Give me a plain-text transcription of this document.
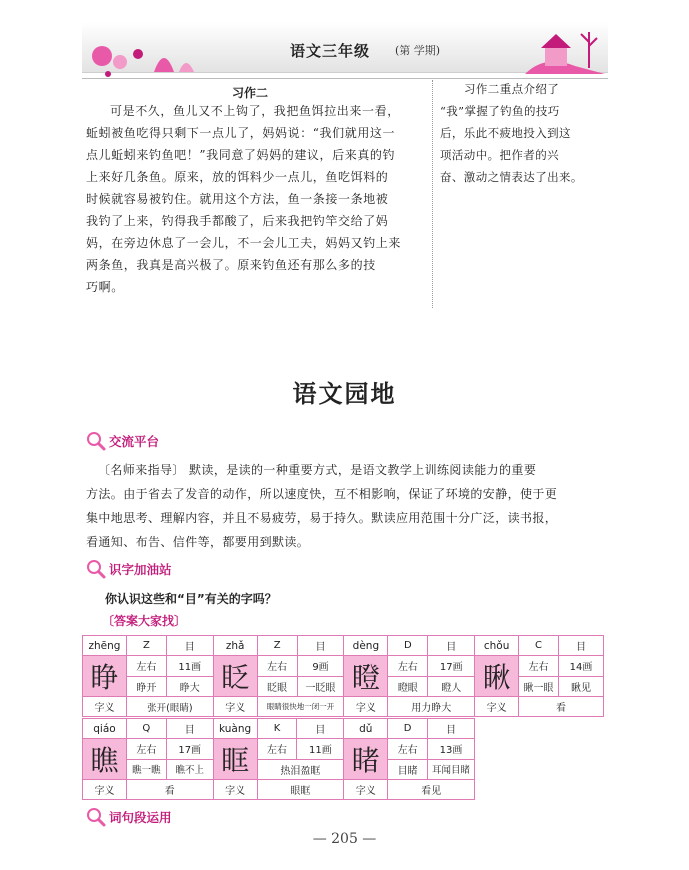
语文三年级 (第 学期)
习作二
可是不久，鱼儿又不上钩了，我把鱼饵拉出来一看，
蚯蚓被鱼吃得只剩下一点儿了，妈妈说：“我们就用这一
点儿蚯蚓来钓鱼吧！”我同意了妈妈的建议，后来真的钓
上来好几条鱼。原来，放的饵料少一点儿，鱼吃饵料的
时候就容易被钓住。就用这个方法，鱼一条接一条地被
我钓了上来，钓得我手都酸了，后来我把钓竿交给了妈
妈，在旁边休息了一会儿，不一会儿工夫，妈妈又钓上来
两条鱼，我真是高兴极了。原来钓鱼还有那么多的技
巧啊。
习作二重点介绍了
“我”掌握了钓鱼的技巧
后，乐此不疲地投入到这
项活动中。把作者的兴
奋、激动之情表达了出来。
语文园地
交流平台
〔名师来指导〕 默读，是读的一种重要方式，是语文教学上训练阅读能力的重要
方法。由于省去了发音的动作，所以速度快，互不相影响，保证了环境的安静，使于更
集中地思考、理解内容，并且不易疲劳，易于持久。默读应用范围十分广泛，读书报，
看通知、布告、信件等，都要用到默读。
识字加油站
你认识这些和“目”有关的字吗？
〔答案大家找〕
zhēng	Z	目	zhǎ	Z	目	dèng	D	目	chǒu	C	目
睁	左右	11画	眨	左右	9画	瞪	左右	17画	瞅	左右	14画
	睁开	睁大		眨眼	一眨眼		瞪眼	瞪人		瞅一眼	瞅见
字义	张开(眼睛)		字义	眼睛很快地一闭一开		字义	用力睁大		字义	看	
qiáo	Q	目	kuàng	K	目	dǔ	D	目
瞧	左右	17画	眶	左右	11画	睹	左右	13画
	瞧一瞧	瞧不上		热泪盈眶			目睹	耳闻目睹
字义	看		字义	眼眶		字义	看见	
词句段运用
— 205 —
